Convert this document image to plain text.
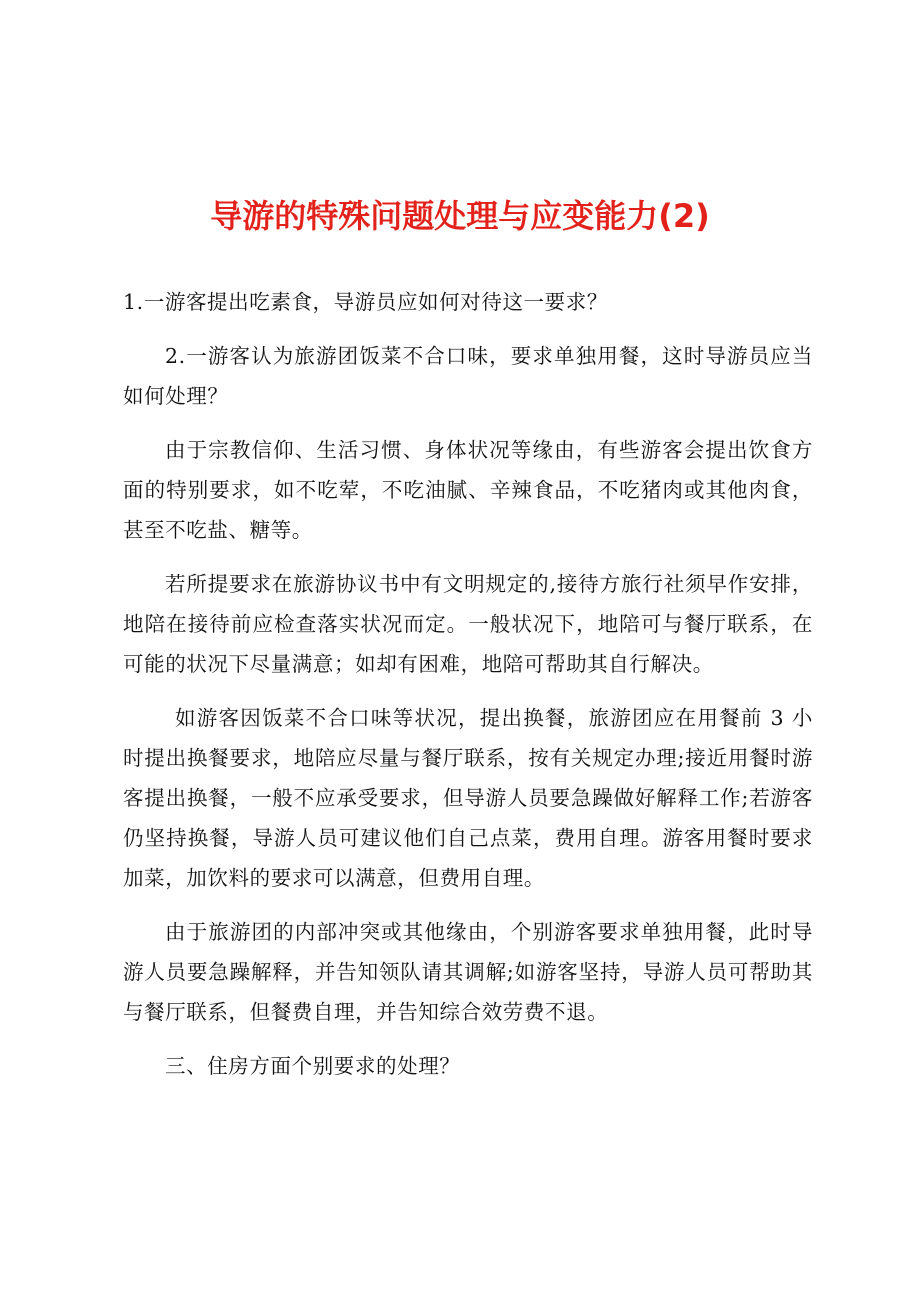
导游的特殊问题处理与应变能力(2)

1.一游客提出吃素食，导游员应如何对待这一要求？

2.一游客认为旅游团饭菜不合口味，要求单独用餐，这时导游员应当如何处理？

由于宗教信仰、生活习惯、身体状况等缘由，有些游客会提出饮食方面的特别要求，如不吃荤，不吃油腻、辛辣食品，不吃猪肉或其他肉食，甚至不吃盐、糖等。

若所提要求在旅游协议书中有文明规定的,接待方旅行社须早作安排，地陪在接待前应检查落实状况而定。一般状况下，地陪可与餐厅联系，在可能的状况下尽量满意；如却有困难，地陪可帮助其自行解决。

如游客因饭菜不合口味等状况，提出换餐，旅游团应在用餐前 3 小时提出换餐要求，地陪应尽量与餐厅联系，按有关规定办理;接近用餐时游客提出换餐，一般不应承受要求，但导游人员要急躁做好解释工作;若游客仍坚持换餐，导游人员可建议他们自己点菜，费用自理。游客用餐时要求加菜，加饮料的要求可以满意，但费用自理。

由于旅游团的内部冲突或其他缘由，个别游客要求单独用餐，此时导游人员要急躁解释，并告知领队请其调解;如游客坚持，导游人员可帮助其与餐厅联系，但餐费自理，并告知综合效劳费不退。

三、住房方面个别要求的处理？
